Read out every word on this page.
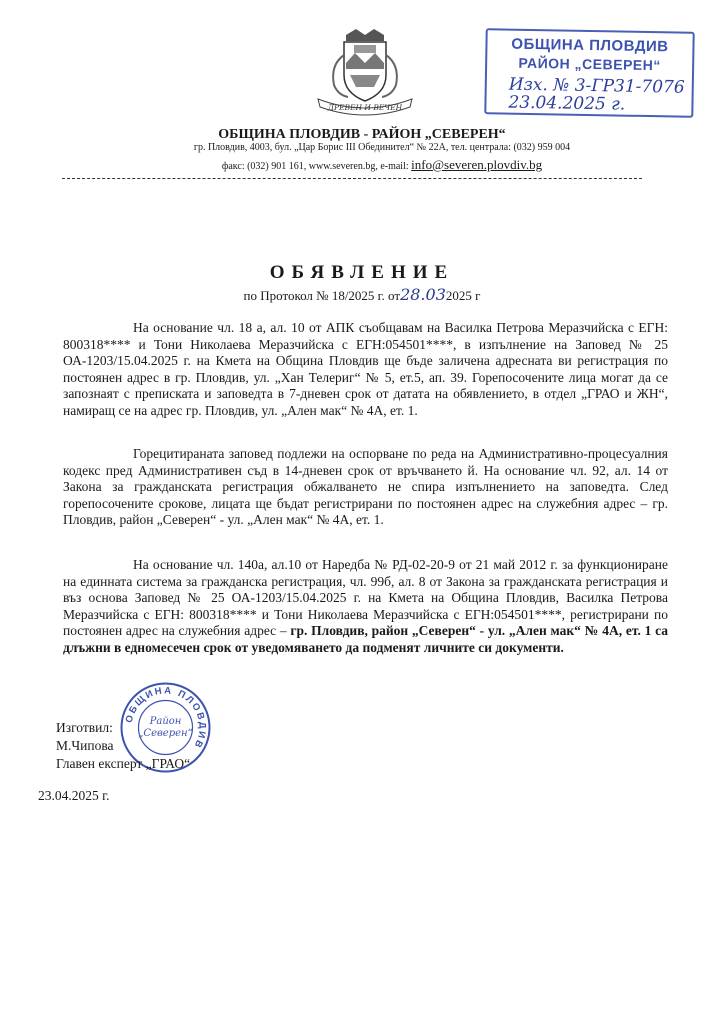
ДРЕВЕН И ВЕЧЕН
ОБЩИНА ПЛОВДИВ
РАЙОН „СЕВЕРЕН“
Изх. № 3-ГР31-7076
23.04.2025 г.
ОБЩИНА ПЛОВДИВ - РАЙОН „СЕВЕРЕН“
гр. Пловдив, 4003, бул. „Цар Борис III Обединител“ № 22А, тел. централа: (032) 959 004
факс: (032) 901 161, www.severen.bg, e-mail: info@severen.plovdiv.bg
ОБЯВЛЕНИЕ
по Протокол № 18/2025 г. от28.032025 г
На основание чл. 18 а, ал. 10 от АПК съобщавам на Василка Петрова Меразчийска с ЕГН: 800318**** и Тони Николаева Меразчийска с ЕГН:054501****, в изпълнение на Заповед № 25 ОА-1203/15.04.2025 г. на Кмета на Община Пловдив ще бъде заличена адресната ви регистрация по постоянен адрес в гр. Пловдив, ул. „Хан Телериг“ № 5, ет.5, ап. 39. Горепосочените лица могат да се запознаят с преписката и заповедта в 7-дневен срок от датата на обявлението, в отдел „ГРАО и ЖН“, намиращ се на адрес гр. Пловдив, ул. „Ален мак“ № 4А, ет. 1.
Горецитираната заповед подлежи на оспорване по реда на Административно-процесуалния кодекс пред Административен съд в 14-дневен срок от връчването й. На основание чл. 92, ал. 14 от Закона за гражданската регистрация обжалването не спира изпълнението на заповедта. След горепосочените срокове, лицата ще бъдат регистрирани по постоянен адрес на служебния адрес – гр. Пловдив, район „Северен“ - ул. „Ален мак“ № 4А, ет. 1.
На основание чл. 140а, ал.10 от Наредба № РД-02-20-9 от 21 май 2012 г. за функциониране на единната система за гражданска регистрация, чл. 99б, ал. 8 от Закона за гражданската регистрация и въз основа Заповед № 25 ОА-1203/15.04.2025 г. на Кмета на Община Пловдив, Василка Петрова Меразчийска с ЕГН: 800318**** и Тони Николаева Меразчийска с ЕГН:054501****, регистрирани по постоянен адрес на служебния адрес – гр. Пловдив, район „Северен“ - ул. „Ален мак“ № 4А, ет. 1 са длъжни в едномесечен срок от уведомяването да подменят личните си документи.
ОБЩИНА ПЛОВДИВ
Район
„Северен“
Изготвил:
М.Чипова
Главен експерт „ГРАО“
23.04.2025 г.
